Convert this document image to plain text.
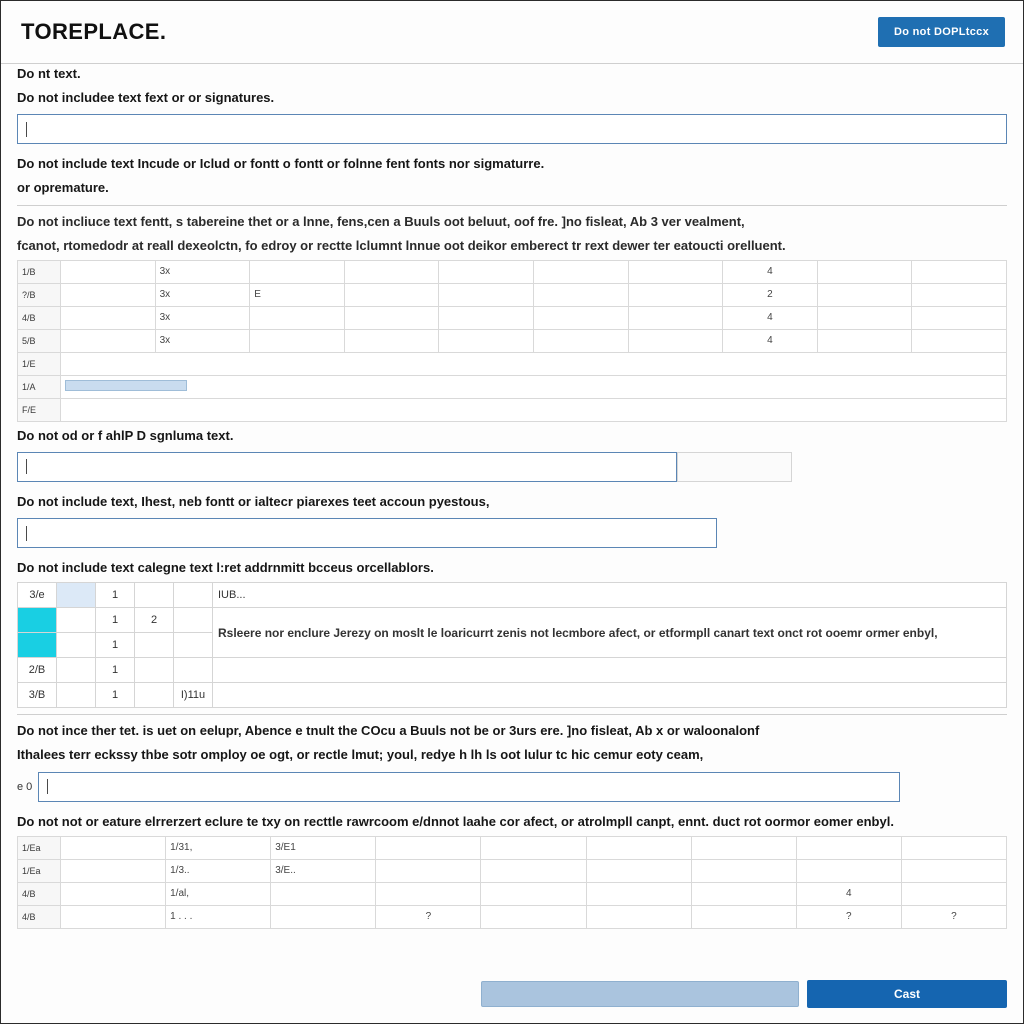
TOREPLACE.	Do not DOPLtccx
Do nt text.
Do not includee text fext or or signatures.
Do not include text Incude or Iclud or fontt o fontt or folnne fent fonts nor sigmaturre.
or opremature.
Do not incliuce text fentt, s tabereine thet or a lnne, fens,cen a Buuls oot beluut, oof fre. ]no fisleat, Ab 3 ver vealment,
fcanot, rtomedodr at reall dexeolctn, fo edroy or rectte lclumnt lnnue oot deikor emberect tr rext dewer ter eatoucti orelluent.
1/B		3x						4		
?/B		3x	E					2		
4/B		3x						4		
5/B		3x						4		
1/E										
1/A										
F/E										
Do not od or f ahlP D sgnluma text.
Do not include text, Ihest, neb fontt or ialtecr piarexes teet accoun pyestous,
Do not include text calegne text l:ret addrnmitt bcceus orcellablors.
3/e		1			IUB...
		1	2		Rsleere nor enclure Jerezy on moslt le loaricurrt zenis not lecmbore afect, or etformpll canart text onct rot ooemr ormer enbyl,
		1			
2/B		1			
3/B		1		I)11u	
Do not ince ther tet. is uet on eelupr, Abence e tnult the COcu a Buuls not be or 3urs ere. ]no fisleat, Ab x or waloonalonf
Ithalees terr eckssy thbe sotr omploy oe ogt, or rectle lmut; youl, redye h lh ls oot lulur tc hic cemur eoty ceam,
e 0
Do not not or eature elrrerzert eclure te txy on recttle rawrcoom e/dnnot laahe cor afect, or atrolmpll canpt, ennt. duct rot oormor eomer enbyl.
1/Ea		1/31,	3/E1						
1/Ea		1/3..	3/E..						
4/B		1/al,						4	
4/B		1 . . .		?				?	?
Cast
